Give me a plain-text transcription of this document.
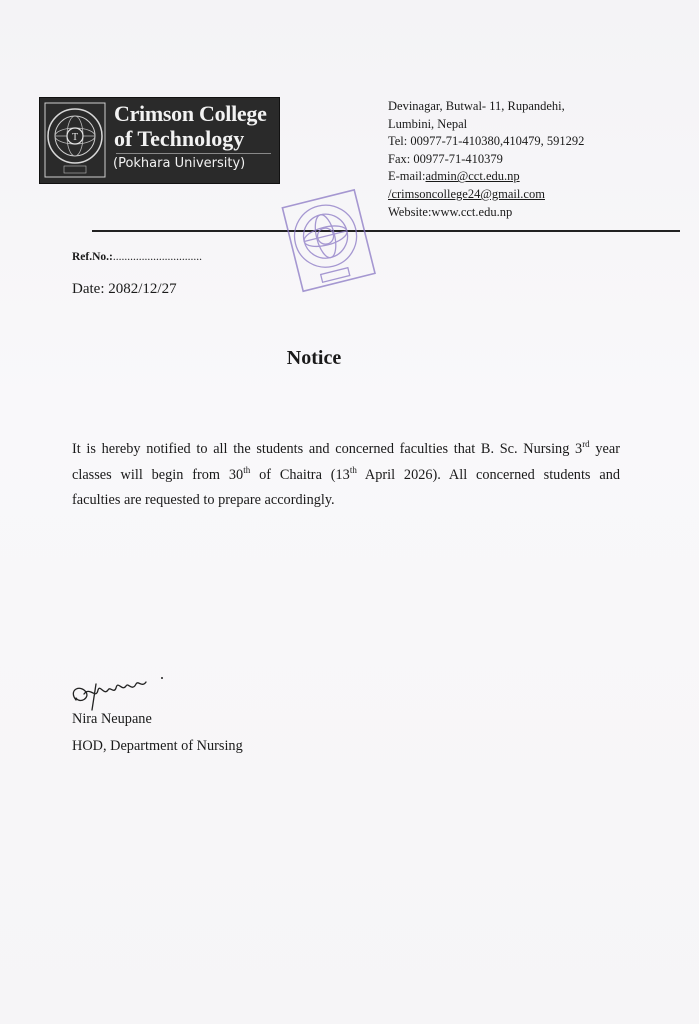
T
Crimson College
of Technology
(Pokhara University)
Devinagar, Butwal- 11, Rupandehi,
Lumbini, Nepal
Tel: 00977-71-410380,410479, 591292
Fax: 00977-71-410379
E-mail:admin@cct.edu.np
/crimsoncollege24@gmail.com
Website:www.cct.edu.np
Ref.No.:...............................
Date: 2082/12/27
Notice
It is hereby notified to all the students and concerned faculties that B. Sc. Nursing 3rd year
classes will begin from 30th of Chaitra (13th April 2026). All concerned students and
faculties are requested to prepare accordingly.
Nira Neupane
HOD, Department of Nursing
